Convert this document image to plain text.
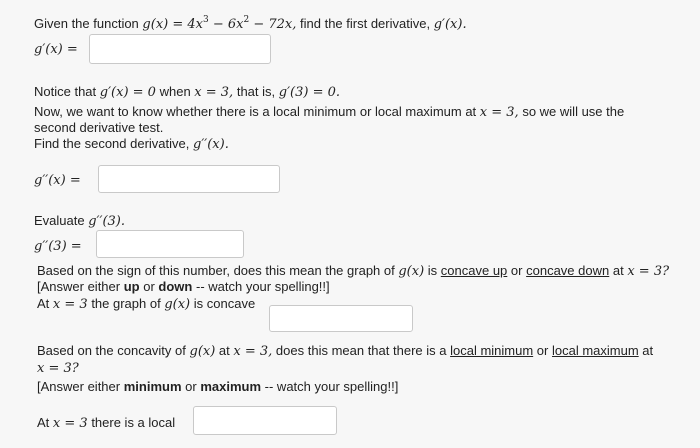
Given the function $g(x) = 4x^3 - 6x^2 - 72x$, find the first derivative, g′(x).
g′(x) =
Notice that g′(x) = 0 when x = 3, that is, g′(3) = 0.
Now, we want to know whether there is a local minimum or local maximum at x = 3, so we will use the
second derivative test.
Find the second derivative, g′′(x).
g′′(x) =
Evaluate g′′(3).
g′′(3) =
Based on the sign of this number, does this mean the graph of g(x) is concave up or concave down at x = 3?
[Answer either up or down -- watch your spelling!!]
At x = 3 the graph of g(x) is concave
Based on the concavity of g(x) at x = 3, does this mean that there is a local minimum or local maximum at
x = 3?
[Answer either minimum or maximum -- watch your spelling!!]
At x = 3 there is a local
